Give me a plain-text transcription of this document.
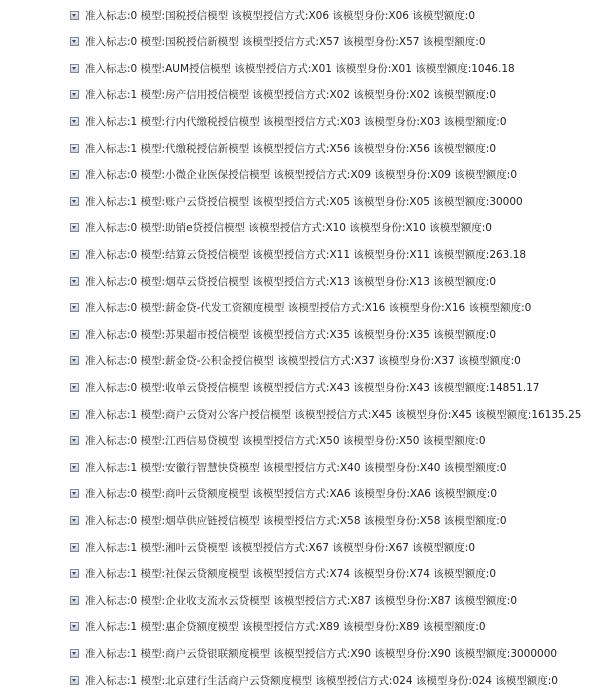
准入标志:0 模型:国税授信模型 该模型授信方式:X06 该模型身份:X06 该模型额度:0
准入标志:0 模型:国税授信新模型 该模型授信方式:X57 该模型身份:X57 该模型额度:0
准入标志:0 模型:AUM授信模型 该模型授信方式:X01 该模型身份:X01 该模型额度:1046.18
准入标志:1 模型:房产信用授信模型 该模型授信方式:X02 该模型身份:X02 该模型额度:0
准入标志:1 模型:行内代缴税授信模型 该模型授信方式:X03 该模型身份:X03 该模型额度:0
准入标志:1 模型:代缴税授信新模型 该模型授信方式:X56 该模型身份:X56 该模型额度:0
准入标志:0 模型:小微企业医保授信模型 该模型授信方式:X09 该模型身份:X09 该模型额度:0
准入标志:1 模型:账户云贷授信模型 该模型授信方式:X05 该模型身份:X05 该模型额度:30000
准入标志:0 模型:助销e贷授信模型 该模型授信方式:X10 该模型身份:X10 该模型额度:0
准入标志:0 模型:结算云贷授信模型 该模型授信方式:X11 该模型身份:X11 该模型额度:263.18
准入标志:0 模型:烟草云贷授信模型 该模型授信方式:X13 该模型身份:X13 该模型额度:0
准入标志:0 模型:薪金贷-代发工资额度模型 该模型授信方式:X16 该模型身份:X16 该模型额度:0
准入标志:0 模型:苏果超市授信模型 该模型授信方式:X35 该模型身份:X35 该模型额度:0
准入标志:0 模型:薪金贷-公积金授信模型 该模型授信方式:X37 该模型身份:X37 该模型额度:0
准入标志:0 模型:收单云贷授信模型 该模型授信方式:X43 该模型身份:X43 该模型额度:14851.17
准入标志:1 模型:商户云贷对公客户授信模型 该模型授信方式:X45 该模型身份:X45 该模型额度:16135.25
准入标志:0 模型:江西信易贷模型 该模型授信方式:X50 该模型身份:X50 该模型额度:0
准入标志:1 模型:安徽行智慧快贷模型 该模型授信方式:X40 该模型身份:X40 该模型额度:0
准入标志:0 模型:商叶云贷额度模型 该模型授信方式:XA6 该模型身份:XA6 该模型额度:0
准入标志:0 模型:烟草供应链授信模型 该模型授信方式:X58 该模型身份:X58 该模型额度:0
准入标志:1 模型:湘叶云贷模型 该模型授信方式:X67 该模型身份:X67 该模型额度:0
准入标志:1 模型:社保云贷额度模型 该模型授信方式:X74 该模型身份:X74 该模型额度:0
准入标志:0 模型:企业收支流水云贷模型 该模型授信方式:X87 该模型身份:X87 该模型额度:0
准入标志:1 模型:惠企贷额度模型 该模型授信方式:X89 该模型身份:X89 该模型额度:0
准入标志:1 模型:商户云贷银联额度模型 该模型授信方式:X90 该模型身份:X90 该模型额度:3000000
准入标志:1 模型:北京建行生活商户云贷额度模型 该模型授信方式:024 该模型身份:024 该模型额度:0
